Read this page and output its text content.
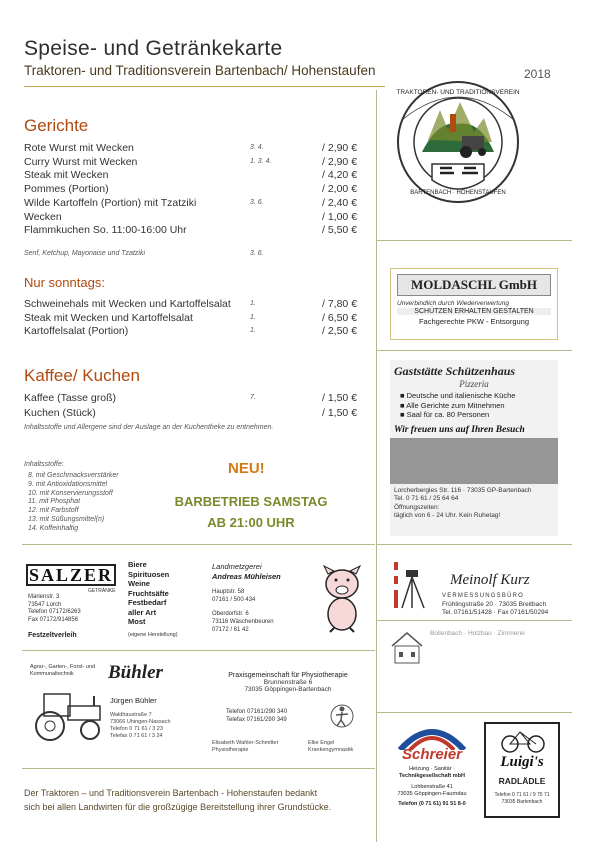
Speise- und Getränkekarte
Traktoren- und Traditionsverein Bartenbach/ Hohenstaufen	2018
TRAKTOREN- UND TRADITIONSVEREIN
BARTENBACH · HOHENSTAUFEN
Gerichte
Rote Wurst mit Wecken	3. 4.	/ 2,90 €
Curry Wurst mit Wecken	1. 3. 4.	/ 2,90 €
Steak mit Wecken	/ 4,20 €
Pommes (Portion)	/ 2,00 €
Wilde Kartoffeln (Portion) mit Tzatziki	3. 6.	/ 2,40 €
Wecken	/ 1,00 €
Flammkuchen So. 11:00-16:00 Uhr	/ 5,50 €
Senf, Ketchup, Mayonaise und Tzatziki	3. 6.
Nur sonntags:
Schweinehals mit Wecken und Kartoffelsalat	1.	/ 7,80 €
Steak mit Wecken und Kartoffelsalat	1.	/ 6,50 €
Kartoffelsalat (Portion)	1.	/ 2,50 €
Kaffee/ Kuchen
Kaffee (Tasse groß)	7.	/ 1,50 €
Kuchen (Stück)	/ 1,50 €
Inhaltsstoffe und Allergene sind der Auslage an der Kuchentheke zu entnehmen.
Inhaltsstoffe:
8. mit Geschmacksverstärker
9. mit Antioxidationsmittel
10. mit Konservierungsstoff
11. mit Phosphat
12. mit Farbstoff
13. mit Süßungsmittel(n)
14. Koffeinhaltig
NEU!
BARBETRIEB SAMSTAG
AB 21:00 UHR
MOLDASCHL GmbH
Unverbindlich durch Wiederverwertung
SCHÜTZEN ERHALTEN GESTALTEN
Fachgerechte PKW - Entsorgung
Gaststätte Schützenhaus
Pizzeria
■ Deutsche und italienische Küche
■ Alle Gerichte zum Mitnehmen
■ Saal für ca. 80 Personen
Wir freuen uns auf Ihren Besuch
Lorcherbergles Str. 116 · 73035 GP-Bartenbach
Tel. 0 71 61 / 25 64 64
Öffnungszeiten:
täglich von 6 - 24 Uhr. Kein Ruhetag!
SALZER
GETRÄNKE
Marienstr. 3
73547 Lorch
Telefon 07172/6263
Fax 07172/914856
Festzeltverleih
Biere
Spirituosen
Weine
Fruchtsäfte
Festbedarf
aller Art
Most
(eigene Herstellung)
Landmetzgerei
Andreas Mühleisen
Hauptstr. 58
07161 / 500 434
Oberdorfstr. 6
73116 Wäschenbeuren
07172 / 61 42
Meinolf Kurz
VERMESSUNGSBÜRO
Frühlingstraße 20 · 73035 Breitbach
Tel. 07161/51428 · Fax 07161/50294
Bollenbach · Holzbau · Zimmerei
Agrar-, Garten-, Forst- und Kommunaltechnik	Bühler
Jürgen Bühler
Waldhaustraße 7
73066 Uhingen-Nassach
Telefon 0 71 61 / 3 23
Telefax 0 71 61 / 3 24
Praxisgemeinschaft für Physiotherapie
Brunnenstraße 6
73035 Göppingen-Bartenbach
Telefon 07161/290 340
Telefax 07161/290 349
Elisabeth Wahler-Schmitter
Physiotherapie
Elke Engel
Krankengymnastik	Schreier
Heizung · Sanitär ·
Technikgesellschaft mbH
Lohbenstraße 41
73035 Göppingen-Faurndau
Telefon (0 71 61) 91 51 8-0
Luigi's
RADLÄDLE
Telefon 0 71 61 / 9 75 71
73035 Bartenbach
Der Traktoren – und Traditionsverein Bartenbach - Hohenstaufen bedankt
sich bei allen Landwirten für die großzügige Bereitstellung ihrer Grundstücke.
